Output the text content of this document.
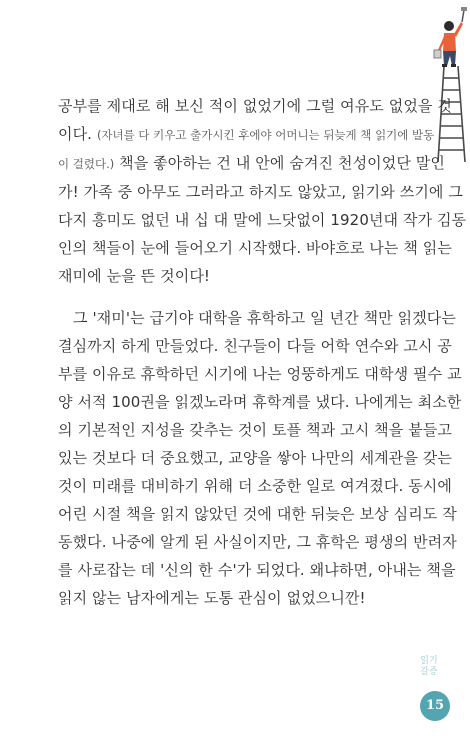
공부를 제대로 해 보신 적이 없었기에 그럴 여유도 없었을 것
이다. (자녀를 다 키우고 출가시킨 후에야 어머니는 뒤늦게 책 읽기에 발동
이 걸렸다.) 책을 좋아하는 건 내 안에 숨겨진 천성이었단 말인
가! 가족 중 아무도 그러라고 하지도 않았고, 읽기와 쓰기에 그
다지 흥미도 없던 내 십 대 말에 느닷없이 1920년대 작가 김동
인의 책들이 눈에 들어오기 시작했다. 바야흐로 나는 책 읽는
재미에 눈을 뜬 것이다!

그 '재미'는 급기야 대학을 휴학하고 일 년간 책만 읽겠다는
결심까지 하게 만들었다. 친구들이 다들 어학 연수와 고시 공
부를 이유로 휴학하던 시기에 나는 엉뚱하게도 대학생 필수 교
양 서적 100권을 읽겠노라며 휴학계를 냈다. 나에게는 최소한
의 기본적인 지성을 갖추는 것이 토플 책과 고시 책을 붙들고
있는 것보다 더 중요했고, 교양을 쌓아 나만의 세계관을 갖는
것이 미래를 대비하기 위해 더 소중한 일로 여겨졌다. 동시에
어린 시절 책을 읽지 않았던 것에 대한 뒤늦은 보상 심리도 작
동했다. 나중에 알게 된 사실이지만, 그 휴학은 평생의 반려자
를 사로잡는 데 '신의 한 수'가 되었다. 왜냐하면, 아내는 책을
읽지 않는 남자에게는 도통 관심이 없었으니깐!

읽기
갈증
15
